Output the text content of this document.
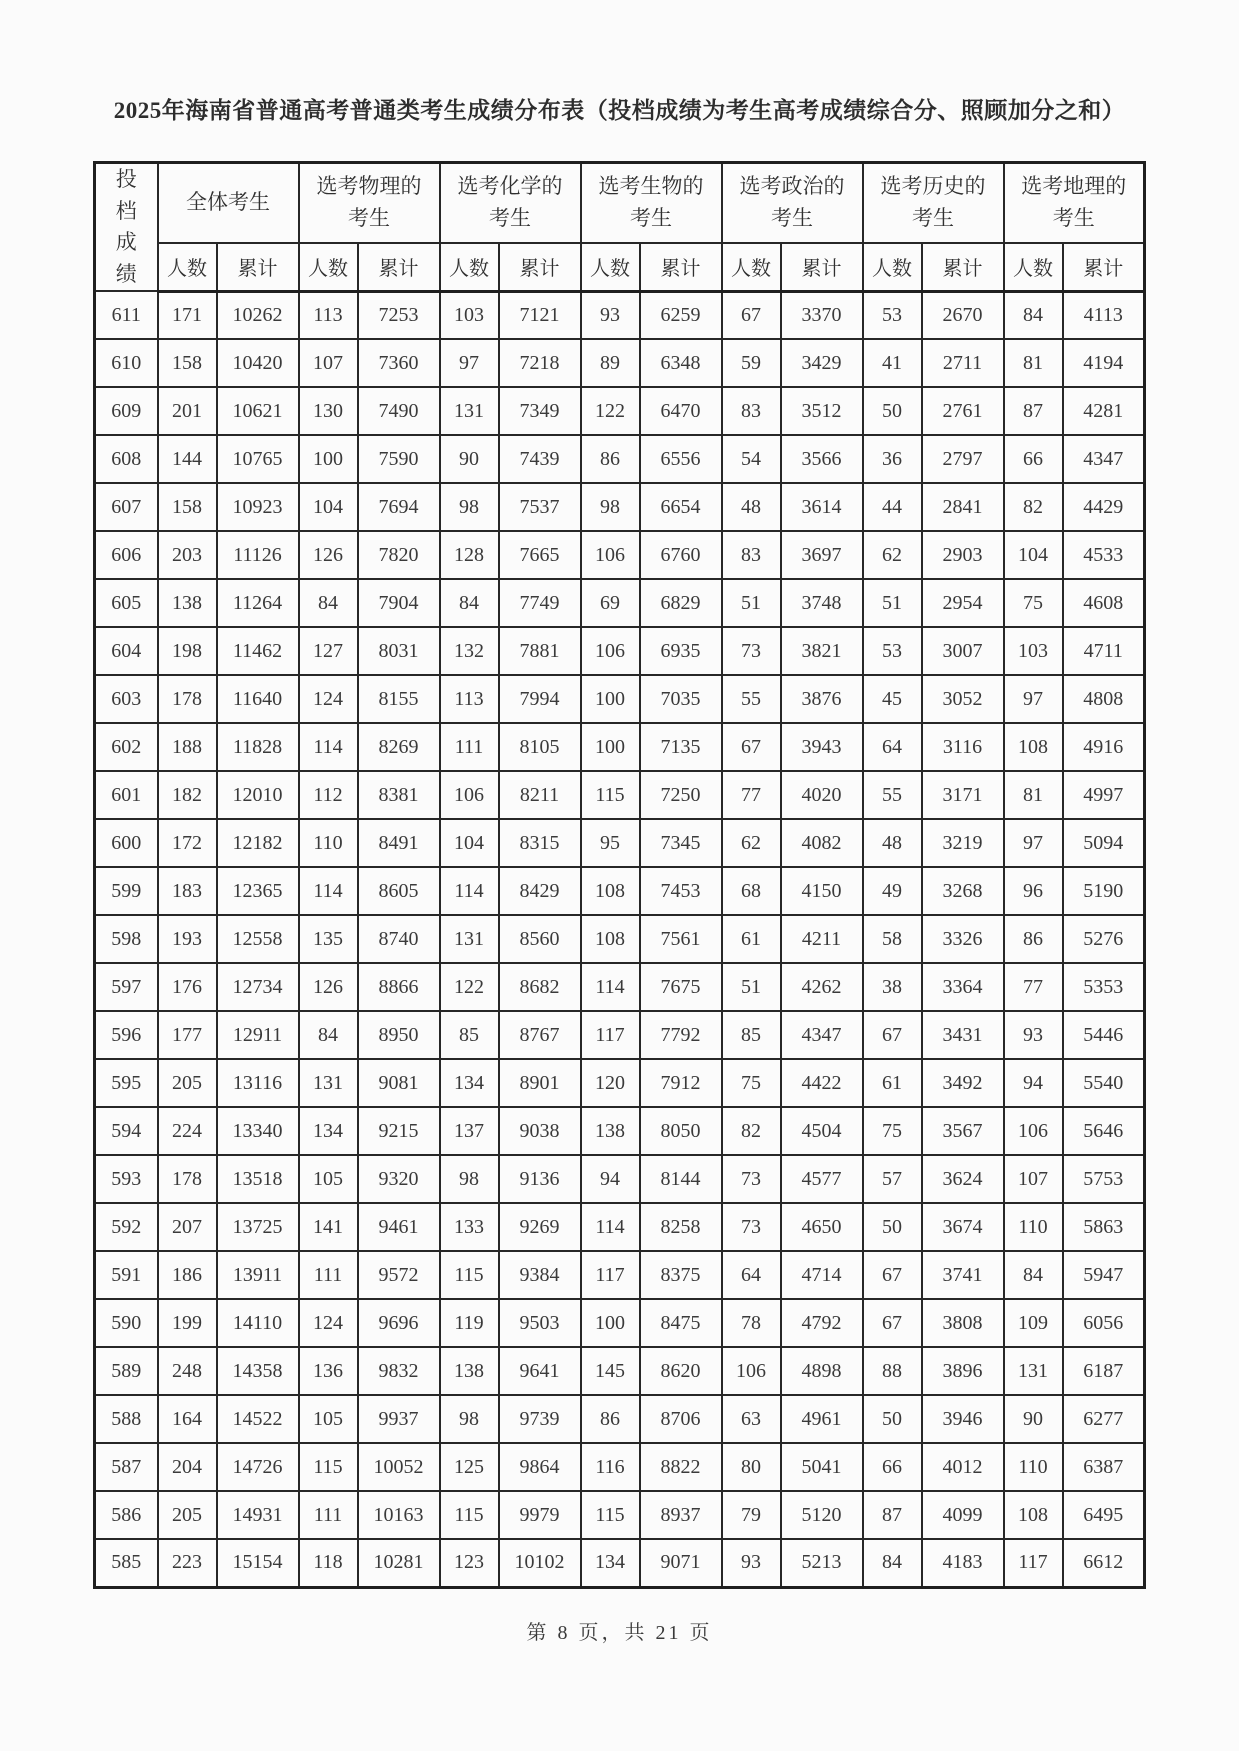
2025年海南省普通高考普通类考生成绩分布表（投档成绩为考生高考成绩综合分、照顾加分之和）
投档成绩	全体考生		选考物理的考生		选考化学的考生		选考生物的考生		选考政治的考生		选考历史的考生		选考地理的考生	
	人数	累计	人数	累计	人数	累计	人数	累计	人数	累计	人数	累计	人数	累计
611	171	10262	113	7253	103	7121	93	6259	67	3370	53	2670	84	4113
610	158	10420	107	7360	97	7218	89	6348	59	3429	41	2711	81	4194
609	201	10621	130	7490	131	7349	122	6470	83	3512	50	2761	87	4281
608	144	10765	100	7590	90	7439	86	6556	54	3566	36	2797	66	4347
607	158	10923	104	7694	98	7537	98	6654	48	3614	44	2841	82	4429
606	203	11126	126	7820	128	7665	106	6760	83	3697	62	2903	104	4533
605	138	11264	84	7904	84	7749	69	6829	51	3748	51	2954	75	4608
604	198	11462	127	8031	132	7881	106	6935	73	3821	53	3007	103	4711
603	178	11640	124	8155	113	7994	100	7035	55	3876	45	3052	97	4808
602	188	11828	114	8269	111	8105	100	7135	67	3943	64	3116	108	4916
601	182	12010	112	8381	106	8211	115	7250	77	4020	55	3171	81	4997
600	172	12182	110	8491	104	8315	95	7345	62	4082	48	3219	97	5094
599	183	12365	114	8605	114	8429	108	7453	68	4150	49	3268	96	5190
598	193	12558	135	8740	131	8560	108	7561	61	4211	58	3326	86	5276
597	176	12734	126	8866	122	8682	114	7675	51	4262	38	3364	77	5353
596	177	12911	84	8950	85	8767	117	7792	85	4347	67	3431	93	5446
595	205	13116	131	9081	134	8901	120	7912	75	4422	61	3492	94	5540
594	224	13340	134	9215	137	9038	138	8050	82	4504	75	3567	106	5646
593	178	13518	105	9320	98	9136	94	8144	73	4577	57	3624	107	5753
592	207	13725	141	9461	133	9269	114	8258	73	4650	50	3674	110	5863
591	186	13911	111	9572	115	9384	117	8375	64	4714	67	3741	84	5947
590	199	14110	124	9696	119	9503	100	8475	78	4792	67	3808	109	6056
589	248	14358	136	9832	138	9641	145	8620	106	4898	88	3896	131	6187
588	164	14522	105	9937	98	9739	86	8706	63	4961	50	3946	90	6277
587	204	14726	115	10052	125	9864	116	8822	80	5041	66	4012	110	6387
586	205	14931	111	10163	115	9979	115	8937	79	5120	87	4099	108	6495
585	223	15154	118	10281	123	10102	134	9071	93	5213	84	4183	117	6612
第 8 页，共 21 页
